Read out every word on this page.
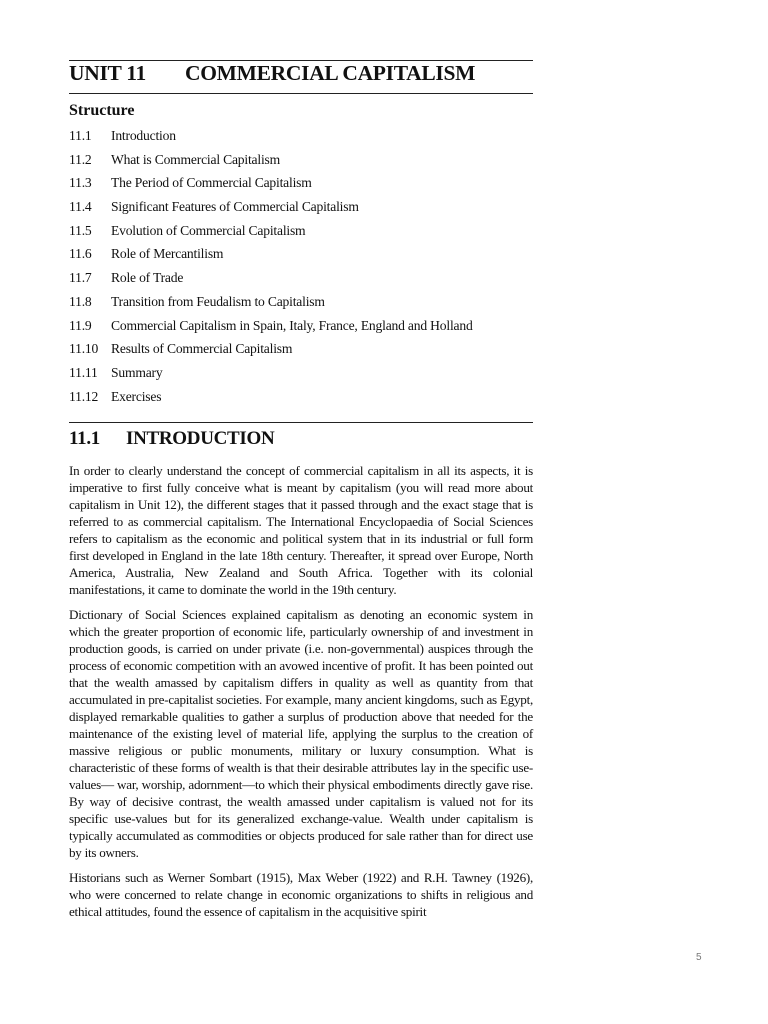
UNIT 11 COMMERCIAL CAPITALISM
Structure
11.1 Introduction
11.2 What is Commercial Capitalism
11.3 The Period of Commercial Capitalism
11.4 Significant Features of Commercial Capitalism
11.5 Evolution of Commercial Capitalism
11.6 Role of Mercantilism
11.7 Role of Trade
11.8 Transition from Feudalism to Capitalism
11.9 Commercial Capitalism in Spain, Italy, France, England and Holland
11.10 Results of Commercial Capitalism
11.11 Summary
11.12 Exercises
11.1 INTRODUCTION

In order to clearly understand the concept of commercial capitalism in all its aspects, it is imperative to first fully conceive what is meant by capitalism (you will read more about capitalism in Unit 12), the different stages that it passed through and the exact stage that is referred to as commercial capitalism. The International Encyclopaedia of Social Sciences refers to capitalism as the economic and political system that in its industrial or full form first developed in England in the late 18th century. Thereafter, it spread over Europe, North America, Australia, New Zealand and South Africa. Together with its colonial manifestations, it came to dominate the world in the 19th century.

Dictionary of Social Sciences explained capitalism as denoting an economic system in which the greater proportion of economic life, particularly ownership of and investment in production goods, is carried on under private (i.e. non-governmental) auspices through the process of economic competition with an avowed incentive of profit. It has been pointed out that the wealth amassed by capitalism differs in quality as well as quantity from that accumulated in pre-capitalist societies. For example, many ancient kingdoms, such as Egypt, displayed remarkable qualities to gather a surplus of production above that needed for the maintenance of the existing level of material life, applying the surplus to the creation of massive religious or public monuments, military or luxury consumption. What is characteristic of these forms of wealth is that their desirable attributes lay in the specific use-values— war, worship, adornment—to which their physical embodiments directly gave rise. By way of decisive contrast, the wealth amassed under capitalism is valued not for its specific use-values but for its generalized exchange-value. Wealth under capitalism is typically accumulated as commodities or objects produced for sale rather than for direct use by its owners.

Historians such as Werner Sombart (1915), Max Weber (1922) and R.H. Tawney (1926), who were concerned to relate change in economic organizations to shifts in religious and ethical attitudes, found the essence of capitalism in the acquisitive spirit

5
